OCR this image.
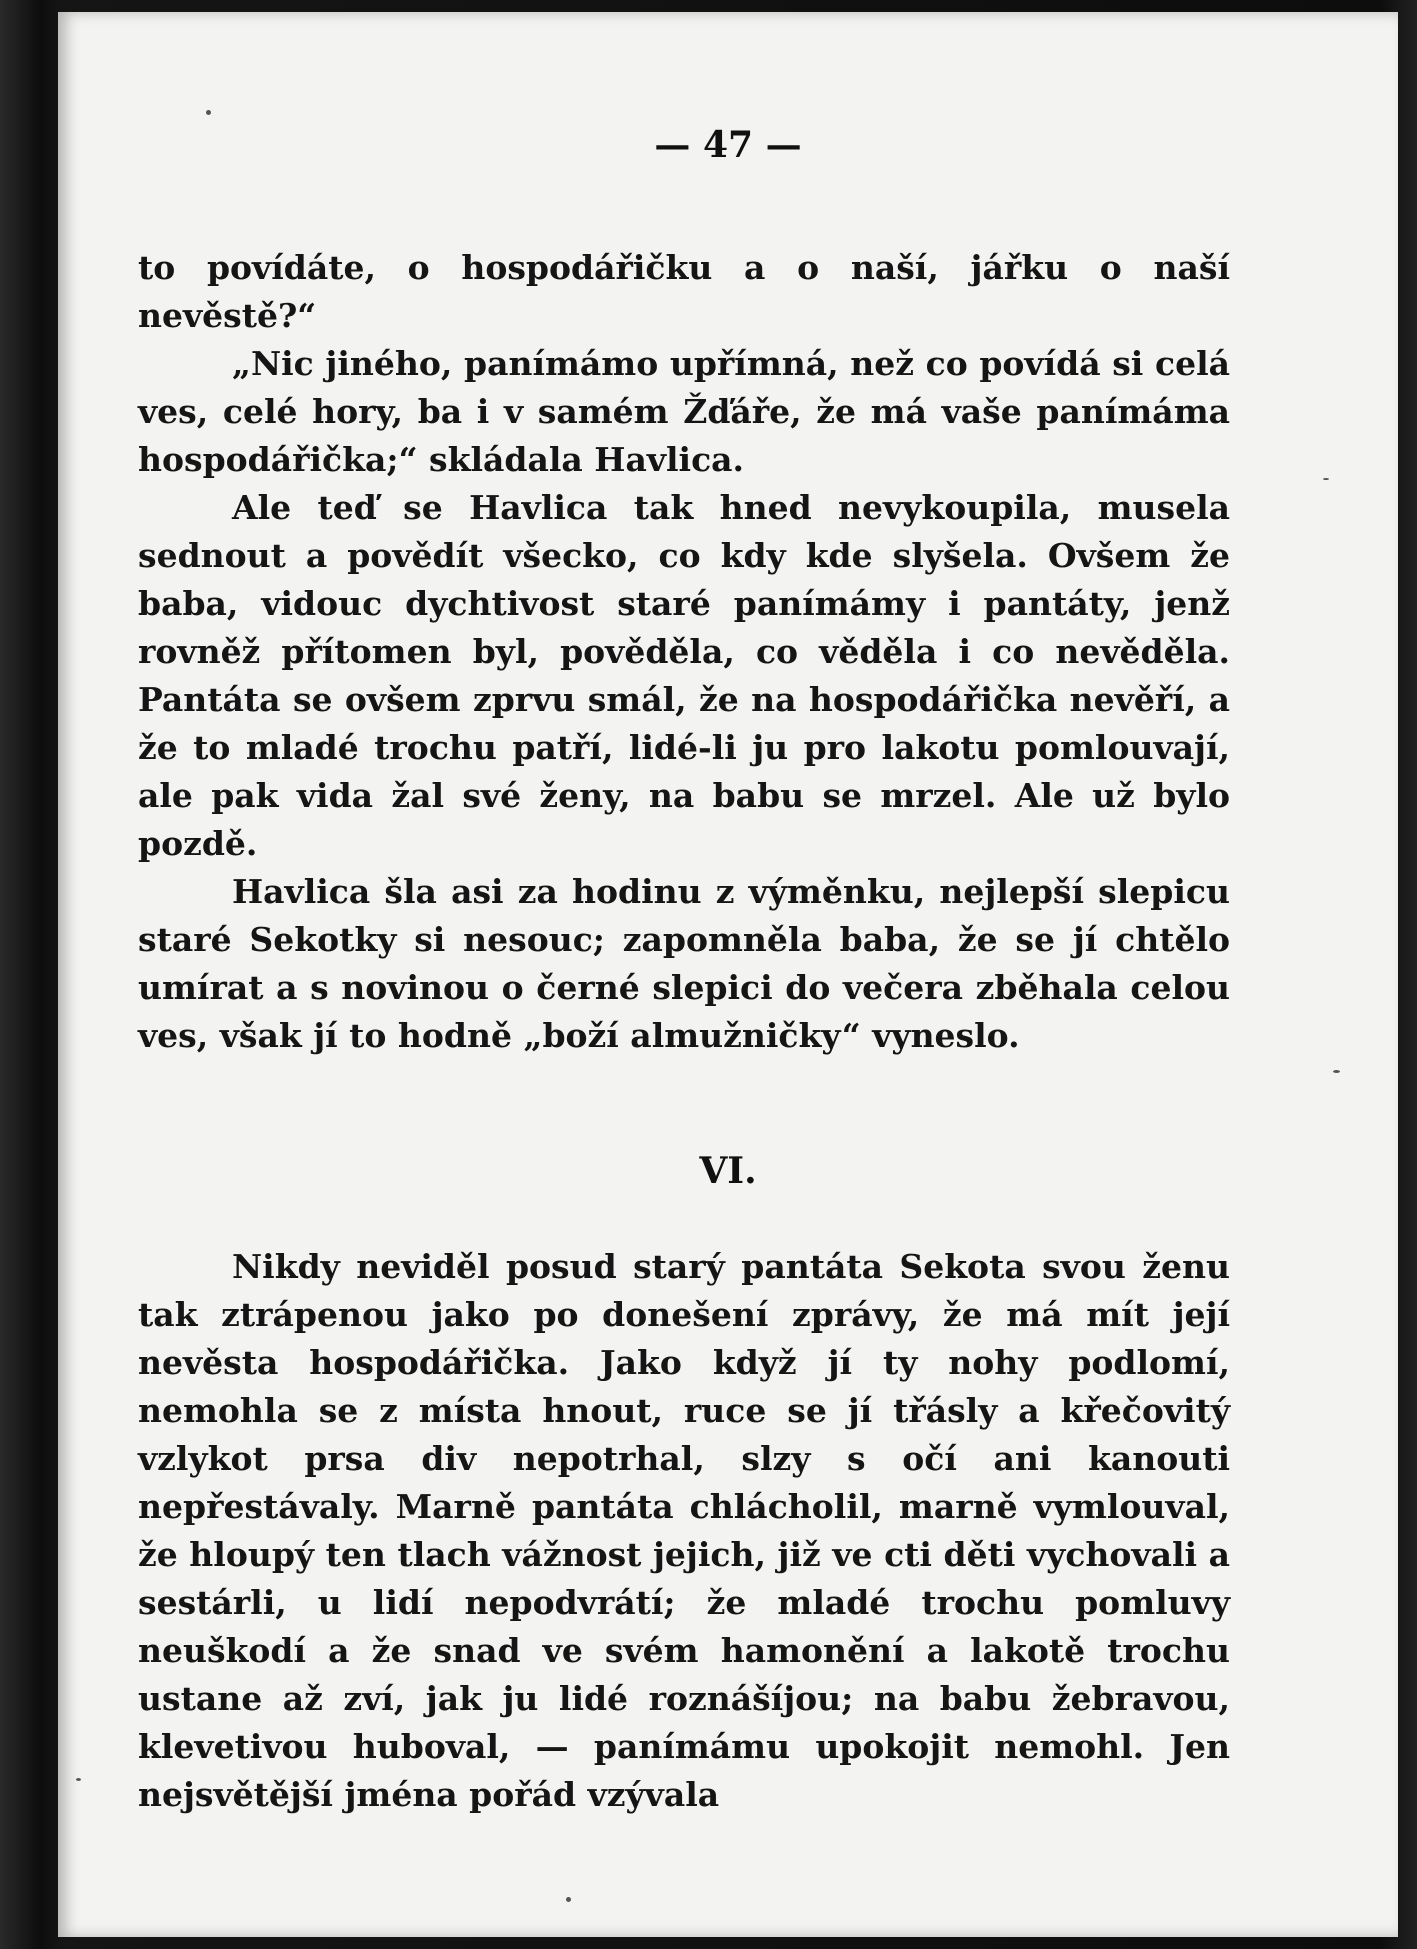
— 47 —

to povídáte, o hospodářičku a o naší, jářku o naší nevěstě?“

„Nic jiného, panímámo upřímná, než co povídá si celá ves, celé hory, ba i v samém Žďáře, že má vaše panímáma hospodářička;“ skládala Havlica.

Ale teď se Havlica tak hned nevykoupila, musela sednout a povědít všecko, co kdy kde slyšela. Ovšem že baba, vidouc dychtivost staré panímámy i pantáty, jenž rovněž přítomen byl, pověděla, co věděla i co nevěděla. Pantáta se ovšem zprvu smál, že na hospodářička nevěří, a že to mladé trochu patří, lidé-li ju pro lakotu pomlouvají, ale pak vida žal své ženy, na babu se mrzel. Ale už bylo pozdě.

Havlica šla asi za hodinu z výměnku, nejlepší slepicu staré Sekotky si nesouc; zapomněla baba, že se jí chtělo umírat a s novinou o černé slepici do večera zběhala celou ves, však jí to hodně „boží almužničky“ vyneslo.

VI.

Nikdy neviděl posud starý pantáta Sekota svou ženu tak ztrápenou jako po donešení zprávy, že má mít její nevěsta hospodářička. Jako když jí ty nohy podlomí, nemohla se z místa hnout, ruce se jí třásly a křečovitý vzlykot prsa div nepotrhal, slzy s očí ani kanouti nepřestávaly. Marně pantáta chlácholil, marně vymlouval, že hloupý ten tlach vážnost jejich, již ve cti děti vychovali a sestárli, u lidí nepodvrátí; že mladé trochu pomluvy neuškodí a že snad ve svém hamonění a lakotě trochu ustane až zví, jak ju lidé roznášíjou; na babu žebravou, klevetivou huboval, — panímámu upokojit nemohl. Jen nejsvětější jména pořád vzývala
